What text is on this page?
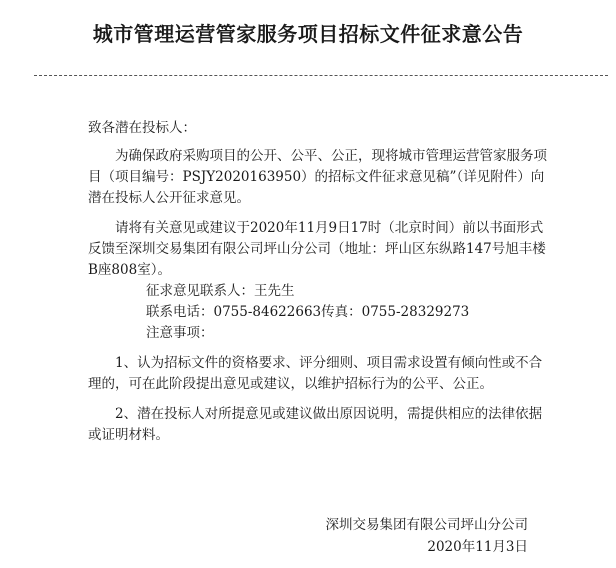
城市管理运营管家服务项目招标文件征求意公告

致各潜在投标人：

为确保政府采购项目的公开、公平、公正，现将城市管理运营管家服务项目（项目编号：PSJY2020163950）的招标文件征求意见稿”（详见附件）向潜在投标人公开征求意见。

请将有关意见或建议于2020年11月9日17时（北京时间）前以书面形式反馈至深圳交易集团有限公司坪山分公司（地址：坪山区东纵路147号旭丰楼B座808室）。

征求意见联系人：王先生

联系电话：0755-84622663传真：0755-28329273

注意事项：

1、认为招标文件的资格要求、评分细则、项目需求设置有倾向性或不合理的，可在此阶段提出意见或建议，以维护招标行为的公平、公正。

2、潜在投标人对所提意见或建议做出原因说明，需提供相应的法律依据或证明材料。

深圳交易集团有限公司坪山分公司
2020年11月3日
